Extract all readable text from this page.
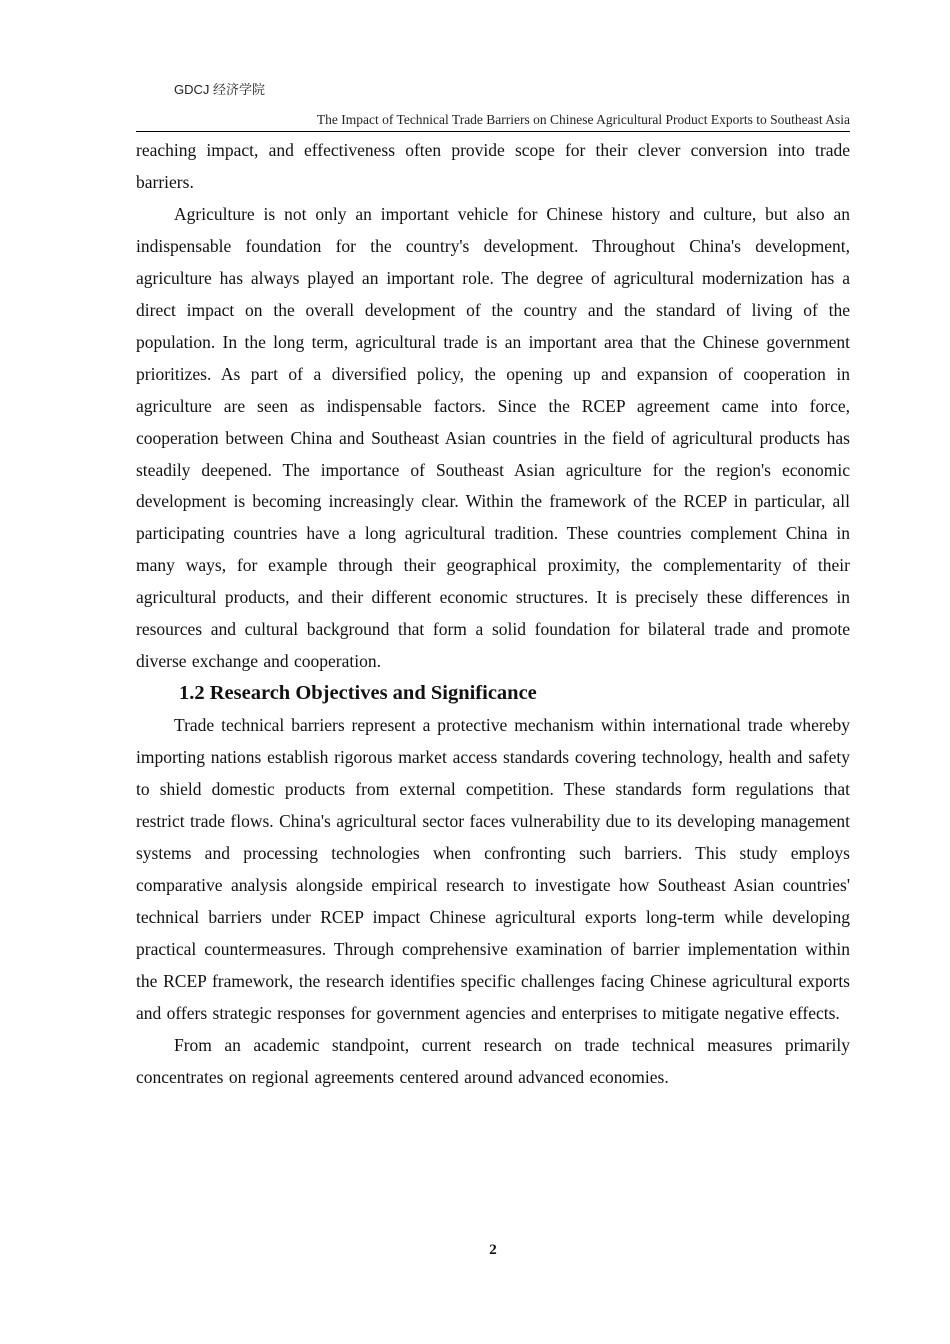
GDCJ 经济学院
The Impact of Technical Trade Barriers on Chinese Agricultural Product Exports to Southeast Asia

reaching impact, and effectiveness often provide scope for their clever conversion into trade barriers.

Agriculture is not only an important vehicle for Chinese history and culture, but also an indispensable foundation for the country's development. Throughout China's development, agriculture has always played an important role. The degree of agricultural modernization has a direct impact on the overall development of the country and the standard of living of the population. In the long term, agricultural trade is an important area that the Chinese government prioritizes. As part of a diversified policy, the opening up and expansion of cooperation in agriculture are seen as indispensable factors. Since the RCEP agreement came into force, cooperation between China and Southeast Asian countries in the field of agricultural products has steadily deepened. The importance of Southeast Asian agriculture for the region's economic development is becoming increasingly clear. Within the framework of the RCEP in particular, all participating countries have a long agricultural tradition. These countries complement China in many ways, for example through their geographical proximity, the complementarity of their agricultural products, and their different economic structures. It is precisely these differences in resources and cultural background that form a solid foundation for bilateral trade and promote diverse exchange and cooperation.

1.2 Research Objectives and Significance

Trade technical barriers represent a protective mechanism within international trade whereby importing nations establish rigorous market access standards covering technology, health and safety to shield domestic products from external competition. These standards form regulations that restrict trade flows. China's agricultural sector faces vulnerability due to its developing management systems and processing technologies when confronting such barriers. This study employs comparative analysis alongside empirical research to investigate how Southeast Asian countries' technical barriers under RCEP impact Chinese agricultural exports long-term while developing practical countermeasures. Through comprehensive examination of barrier implementation within the RCEP framework, the research identifies specific challenges facing Chinese agricultural exports and offers strategic responses for government agencies and enterprises to mitigate negative effects.

From an academic standpoint, current research on trade technical measures primarily concentrates on regional agreements centered around advanced economies.

2
